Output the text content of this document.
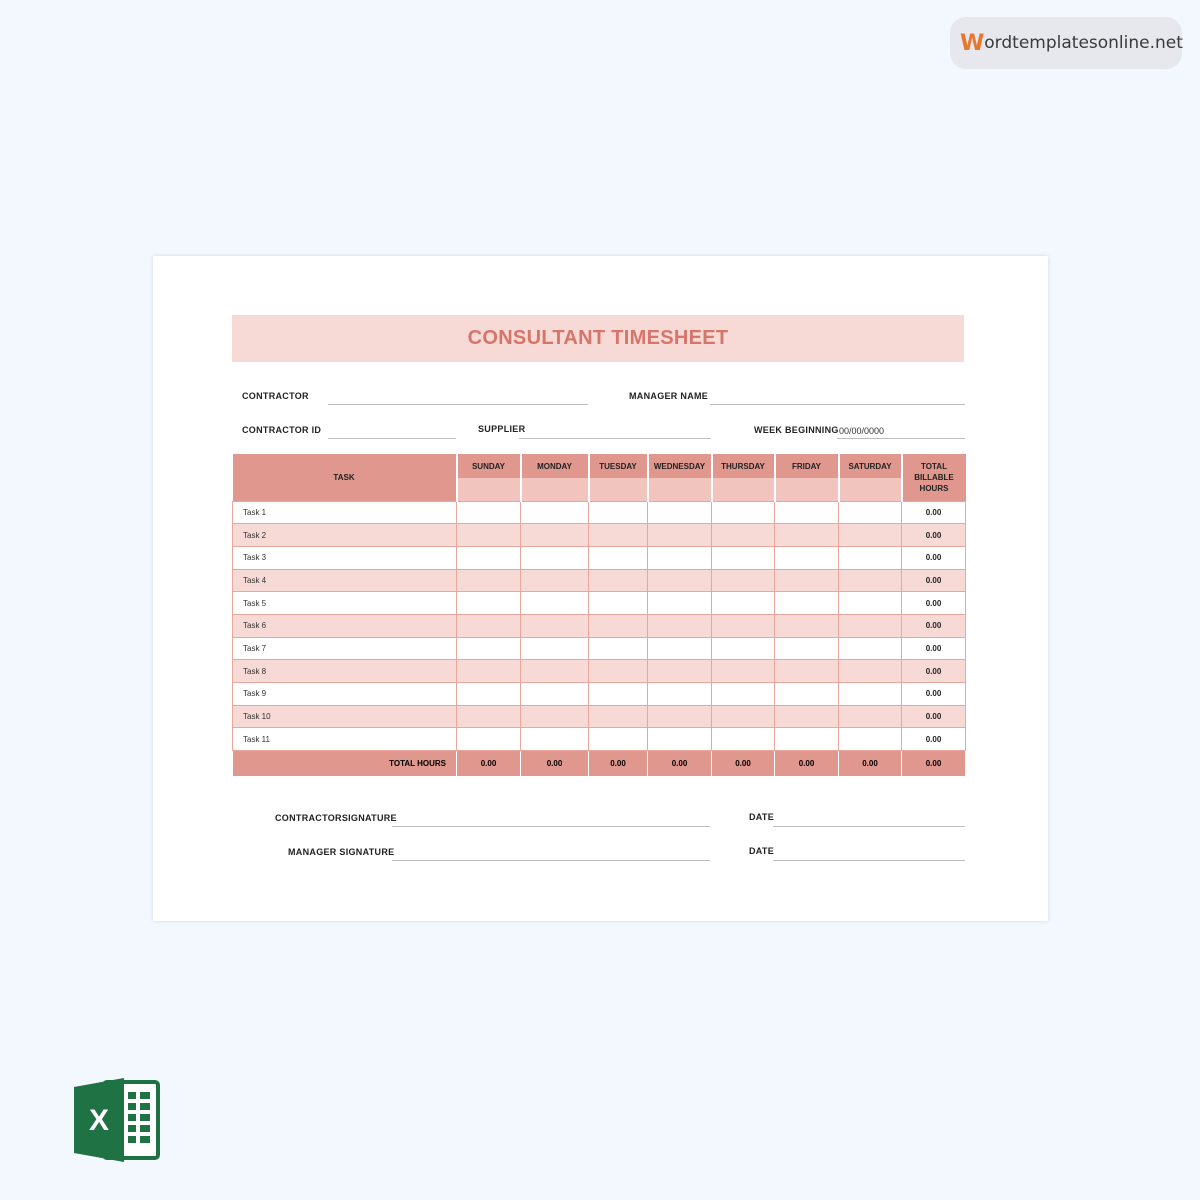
W ordtemplatesonline.net
CONSULTANT TIMESHEET
CONTRACTOR	MANAGER NAME
CONTRACTOR ID	SUPPLIER	WEEK BEGINNING 00/00/0000
TASK	SUNDAY	MONDAY	TUESDAY	WEDNESDAY	THURSDAY	FRIDAY	SATURDAY	TOTAL BILLABLE HOURS

Task 1								0.00
Task 2								0.00
Task 3								0.00
Task 4								0.00
Task 5								0.00
Task 6								0.00
Task 7								0.00
Task 8								0.00
Task 9								0.00
Task 10								0.00
Task 11								0.00
TOTAL HOURS	0.00	0.00	0.00	0.00	0.00	0.00	0.00	0.00
CONTRACTORSIGNATURE	DATE
MANAGER SIGNATURE	DATE
X
